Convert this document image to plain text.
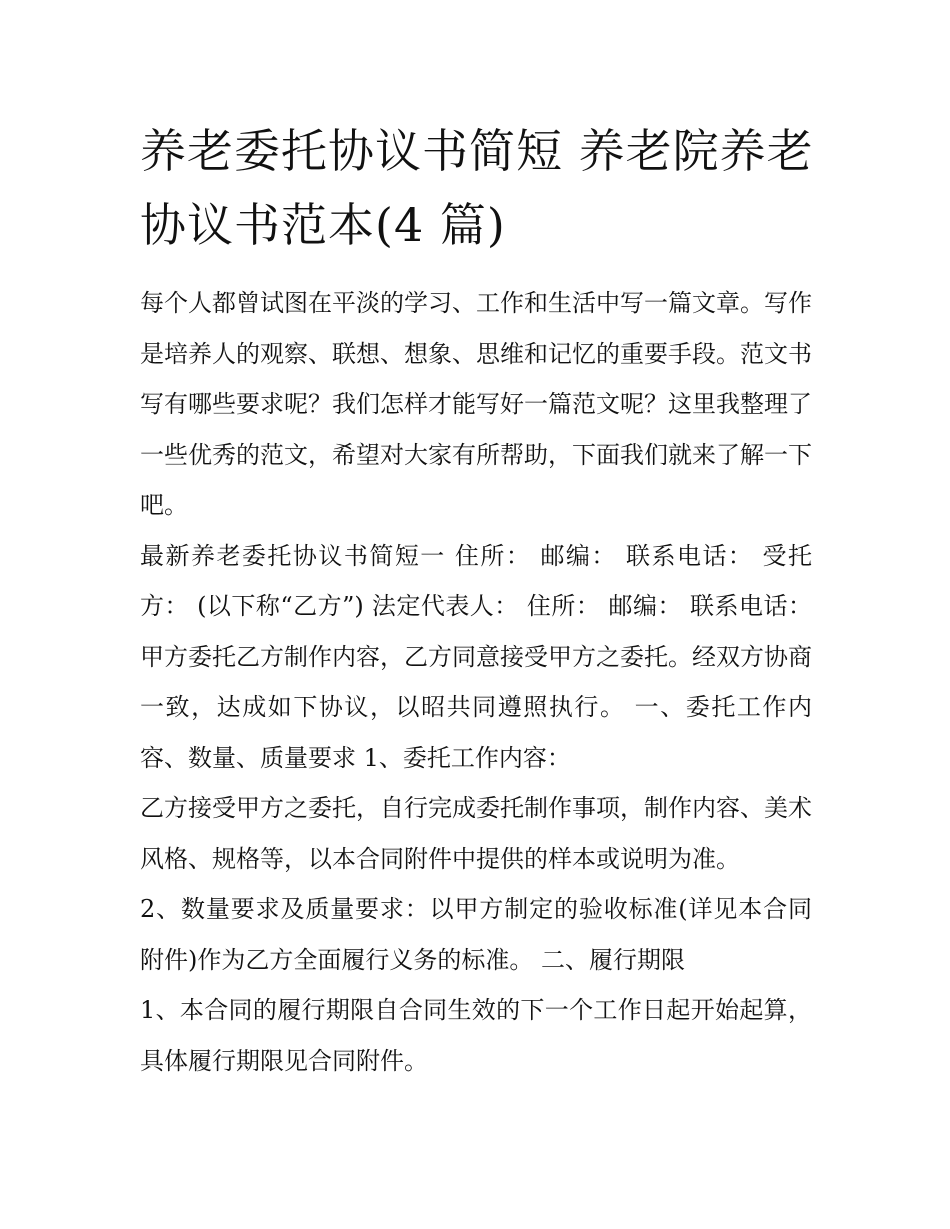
养老委托协议书简短 养老院养老协议书范本(4 篇)

每个人都曾试图在平淡的学习、工作和生活中写一篇文章。写作是培养人的观察、联想、想象、思维和记忆的重要手段。范文书写有哪些要求呢？我们怎样才能写好一篇范文呢？这里我整理了一些优秀的范文，希望对大家有所帮助，下面我们就来了解一下吧。

最新养老委托协议书简短一 住所： 邮编： 联系电话： 受托方： (以下称“乙方”) 法定代表人： 住所： 邮编： 联系电话：甲方委托乙方制作内容，乙方同意接受甲方之委托。经双方协商一致，达成如下协议，以昭共同遵照执行。 一、委托工作内容、数量、质量要求 1、委托工作内容：

乙方接受甲方之委托，自行完成委托制作事项，制作内容、美术风格、规格等，以本合同附件中提供的样本或说明为准。

2、数量要求及质量要求：以甲方制定的验收标准(详见本合同附件)作为乙方全面履行义务的标准。 二、履行期限

1、本合同的履行期限自合同生效的下一个工作日起开始起算，具体履行期限见合同附件。
